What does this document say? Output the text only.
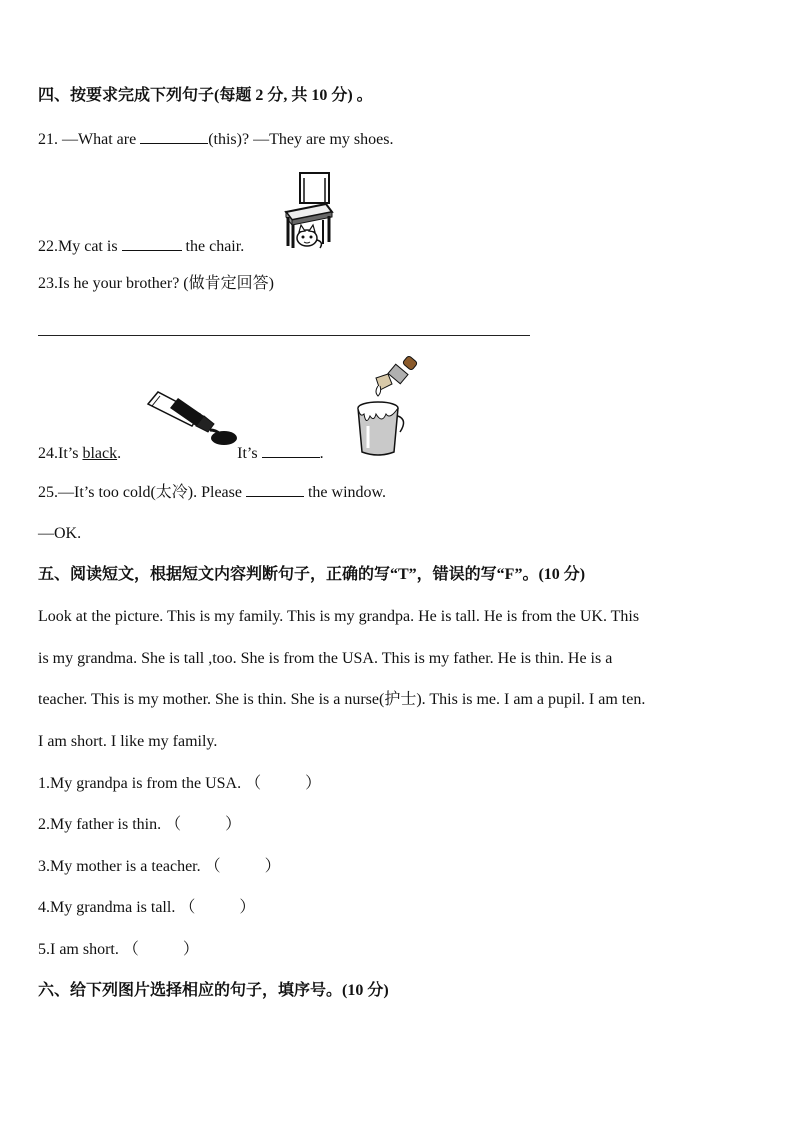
四、按要求完成下列句子(每题 2 分, 共 10 分) 。
21. —What are	(this)? —They are my shoes.
22.My cat is	the chair.
23.Is he your brother? (做肯定回答)
24.It’s black.	It’s	.
25.—It’s too cold(太冷). Please	the window.
—OK.
五、阅读短文，根据短文内容判断句子，正确的写“T”，错误的写“F”。(10 分)
Look at the picture. This is my family. This is my grandpa. He is tall. He is from the UK. This
is my grandma. She is tall ,too. She is from the USA. This is my father. He is thin. He is a
teacher. This is my mother. She is thin. She is a nurse(护士). This is me. I am a pupil. I am ten.
I am short. I like my family.
1.My grandpa is from the USA. （	）
2.My father is thin. （	）
3.My mother is a teacher. （	）
4.My grandma is tall. （	）
5.I am short. （	）
六、给下列图片选择相应的句子，填序号。(10 分)
